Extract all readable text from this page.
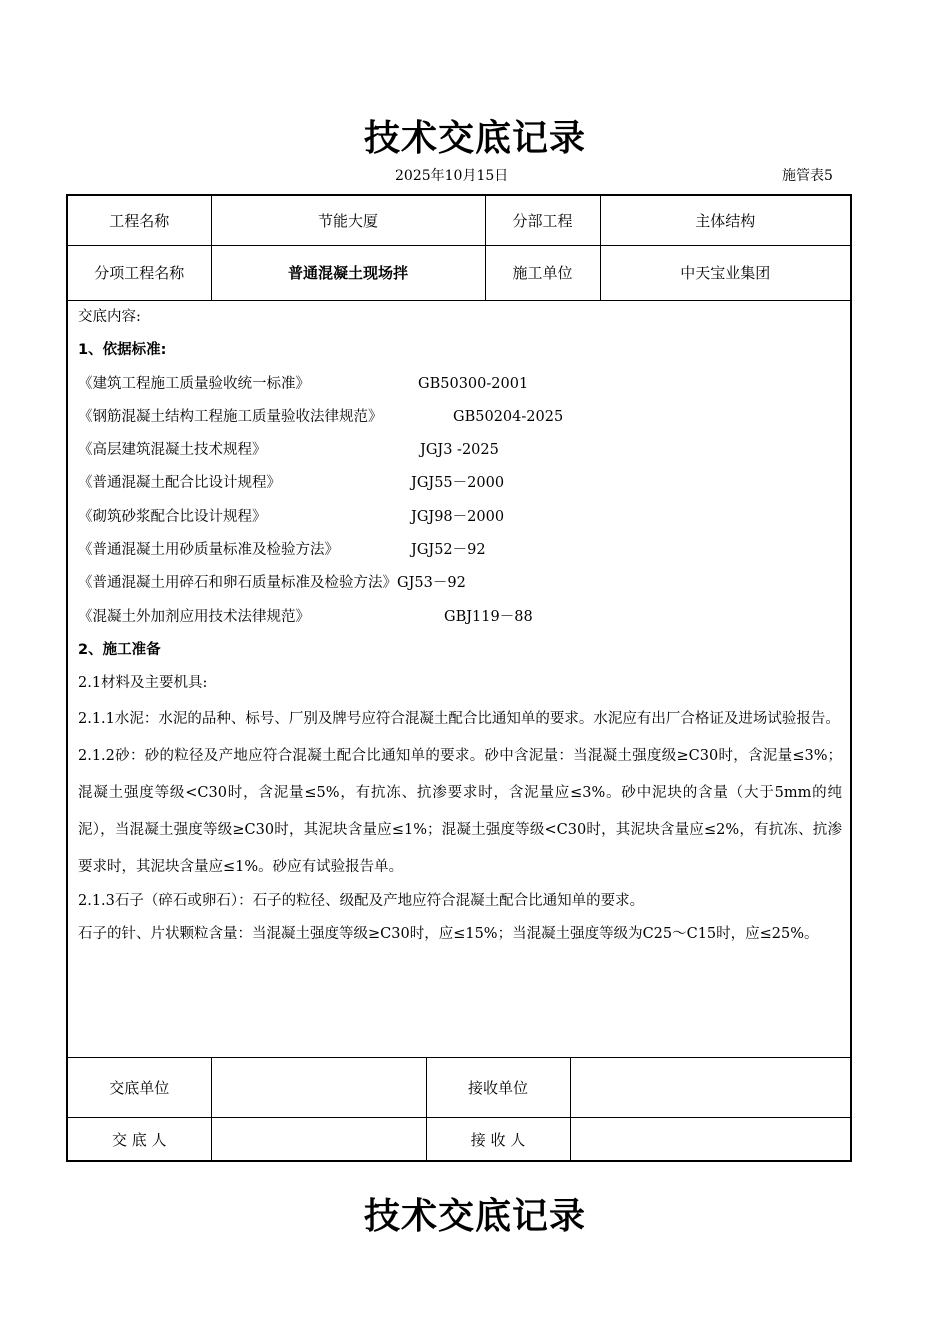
技术交底记录
2025年10月15日	施管表5
工程名称	节能大厦	分部工程	主体结构
分项工程名称	普通混凝土现场拌	施工单位	中天宝业集团

交底内容:

1、依据标准:

《建筑工程施工质量验收统一标准》	GB50300-2001
《钢筋混凝土结构工程施工质量验收法律规范》	GB50204-2025
《高层建筑混凝土技术规程》	JGJ3 -2025
《普通混凝土配合比设计规程》	JGJ55－2000
《砌筑砂浆配合比设计规程》	JGJ98－2000
《普通混凝土用砂质量标准及检验方法》	JGJ52－92
《普通混凝土用碎石和卵石质量标准及检验方法》GJ53－92
《混凝土外加剂应用技术法律规范》	GBJ119－88

2、施工准备

2.1材料及主要机具:

2.1.1水泥：水泥的品种、标号、厂别及牌号应符合混凝土配合比通知单的要求。水泥应有出厂合格证及进场试验报告。

2.1.2砂：砂的粒径及产地应符合混凝土配合比通知单的要求。砂中含泥量：当混凝土强度级≥C30时，含泥量≤3%；混凝土强度等级<C30时，含泥量≤5%，有抗冻、抗渗要求时，含泥量应≤3%。砂中泥块的含量（大于5mm的纯泥），当混凝土强度等级≥C30时，其泥块含量应≤1%；混凝土强度等级<C30时，其泥块含量应≤2%，有抗冻、抗渗要求时，其泥块含量应≤1%。砂应有试验报告单。

2.1.3石子（碎石或卵石）：石子的粒径、级配及产地应符合混凝土配合比通知单的要求。

石子的针、片状颗粒含量：当混凝土强度等级≥C30时，应≤15%；当混凝土强度等级为C25～C15时，应≤25%。

交底单位		接收单位	
交 底 人		接 收 人	
技术交底记录
